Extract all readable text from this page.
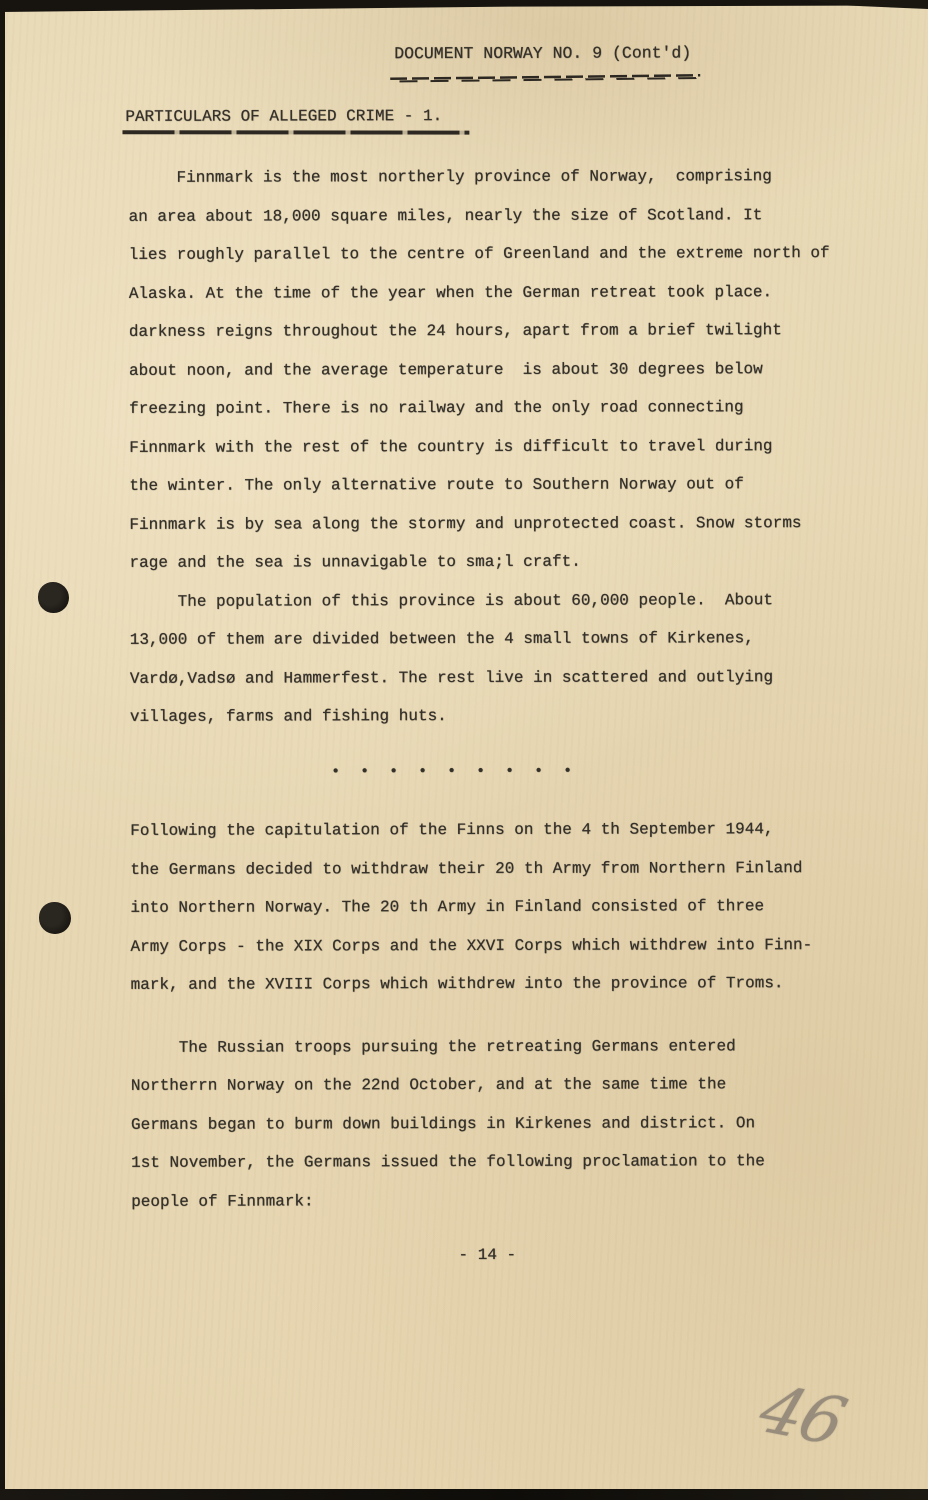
DOCUMENT NORWAY NO. 9 (Cont'd)
PARTICULARS OF ALLEGED CRIME - 1.
Finnmark is the most northerly province of Norway,  comprising
an area about 18,000 square miles, nearly the size of Scotland. It
lies roughly parallel to the centre of Greenland and the extreme north of
Alaska. At the time of the year when the German retreat took place.
darkness reigns throughout the 24 hours, apart from a brief twilight
about noon, and the average temperature  is about 30 degrees below
freezing point. There is no railway and the only road connecting
Finnmark with the rest of the country is difficult to travel during
the winter. The only alternative route to Southern Norway out of
Finnmark is by sea along the stormy and unprotected coast. Snow storms
rage and the sea is unnavigable to sma;l craft.
The population of this province is about 60,000 people.  About
13,000 of them are divided between the 4 small towns of Kirkenes,
Vardø,Vadsø and Hammerfest. The rest live in scattered and outlying
villages, farms and fishing huts.
• • • • • • • • •
Following the capitulation of the Finns on the 4 th September 1944,
the Germans decided to withdraw their 20 th Army from Northern Finland
into Northern Norway. The 20 th Army in Finland consisted of three
Army Corps - the XIX Corps and the XXVI Corps which withdrew into Finn-
mark, and the XVIII Corps which withdrew into the province of Troms.
The Russian troops pursuing the retreating Germans entered
Northerrn Norway on the 22nd October, and at the same time the
Germans began to burm down buildings in Kirkenes and district. On
1st November, the Germans issued the following proclamation to the
people of Finnmark:
- 14 -
46
